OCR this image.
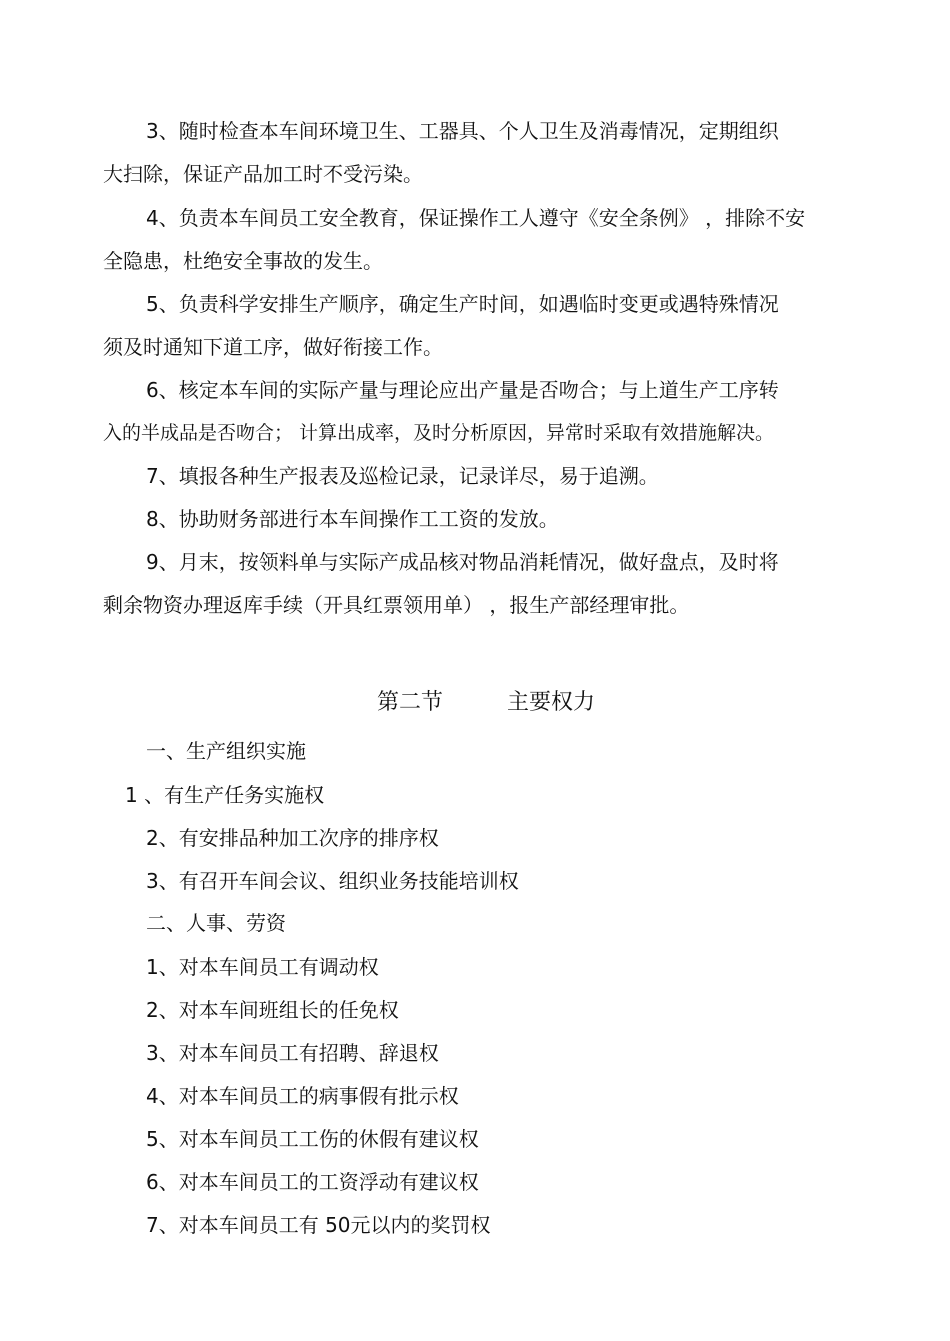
3、随时检查本车间环境卫生、工器具、个人卫生及消毒情况，定期组织
大扫除，保证产品加工时不受污染。
4、负责本车间员工安全教育，保证操作工人遵守《安全条例》 ，排除不安
全隐患，杜绝安全事故的发生。
5、负责科学安排生产顺序，确定生产时间，如遇临时变更或遇特殊情况
须及时通知下道工序，做好衔接工作。
6、核定本车间的实际产量与理论应出产量是否吻合；与上道生产工序转
入的半成品是否吻合； 计算出成率，及时分析原因，异常时采取有效措施解决。
7、填报各种生产报表及巡检记录，记录详尽，易于追溯。
8、协助财务部进行本车间操作工工资的发放。
9、月末，按领料单与实际产成品核对物品消耗情况，做好盘点，及时将
剩余物资办理返库手续（开具红票领用单） ，报生产部经理审批。
第二节	主要权力
一、生产组织实施
1 、有生产任务实施权
2、有安排品种加工次序的排序权
3、有召开车间会议、组织业务技能培训权
二、人事、劳资
1、对本车间员工有调动权
2、对本车间班组长的任免权
3、对本车间员工有招聘、辞退权
4、对本车间员工的病事假有批示权
5、对本车间员工工伤的休假有建议权
6、对本车间员工的工资浮动有建议权
7、对本车间员工有 50元以内的奖罚权
